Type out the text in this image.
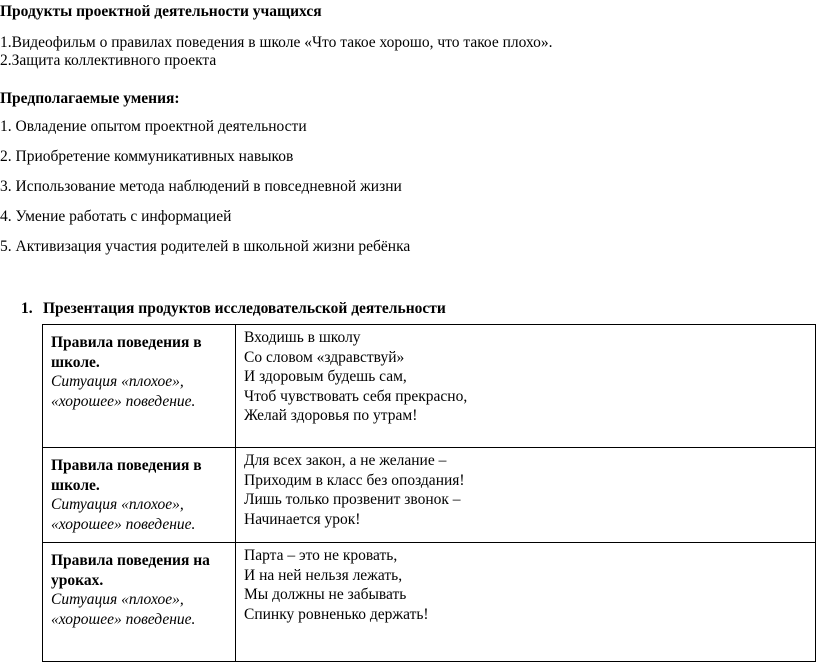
Продукты проектной деятельности учащихся
1.Видеофильм о правилах поведения в школе «Что такое хорошо, что такое плохо».
2.Защита коллективного проекта
Предполагаемые умения:
1. Овладение опытом проектной деятельности
2. Приобретение коммуникативных навыков
3. Использование метода наблюдений в повседневной жизни
4. Умение работать с информацией
5. Активизация участия родителей в школьной жизни ребёнка
1. Презентация продуктов исследовательской деятельности
Правила поведения в
школе.
Ситуация «плохое»,
«хорошее» поведение.	Входишь в школу
Со словом «здравствуй»
И здоровым будешь сам,
Чтоб чувствовать себя прекрасно,
Желай здоровья по утрам!

Правила поведения в
школе.
Ситуация «плохое»,
«хорошее» поведение.	Для всех закон, а не желание –
Приходим в класс без опоздания!
Лишь только прозвенит звонок –
Начинается урок!

Правила поведения на
уроках.
Ситуация «плохое»,
«хорошее» поведение.	Парта – это не кровать,
И на ней нельзя лежать,
Мы должны не забывать
Спинку ровненько держать!
